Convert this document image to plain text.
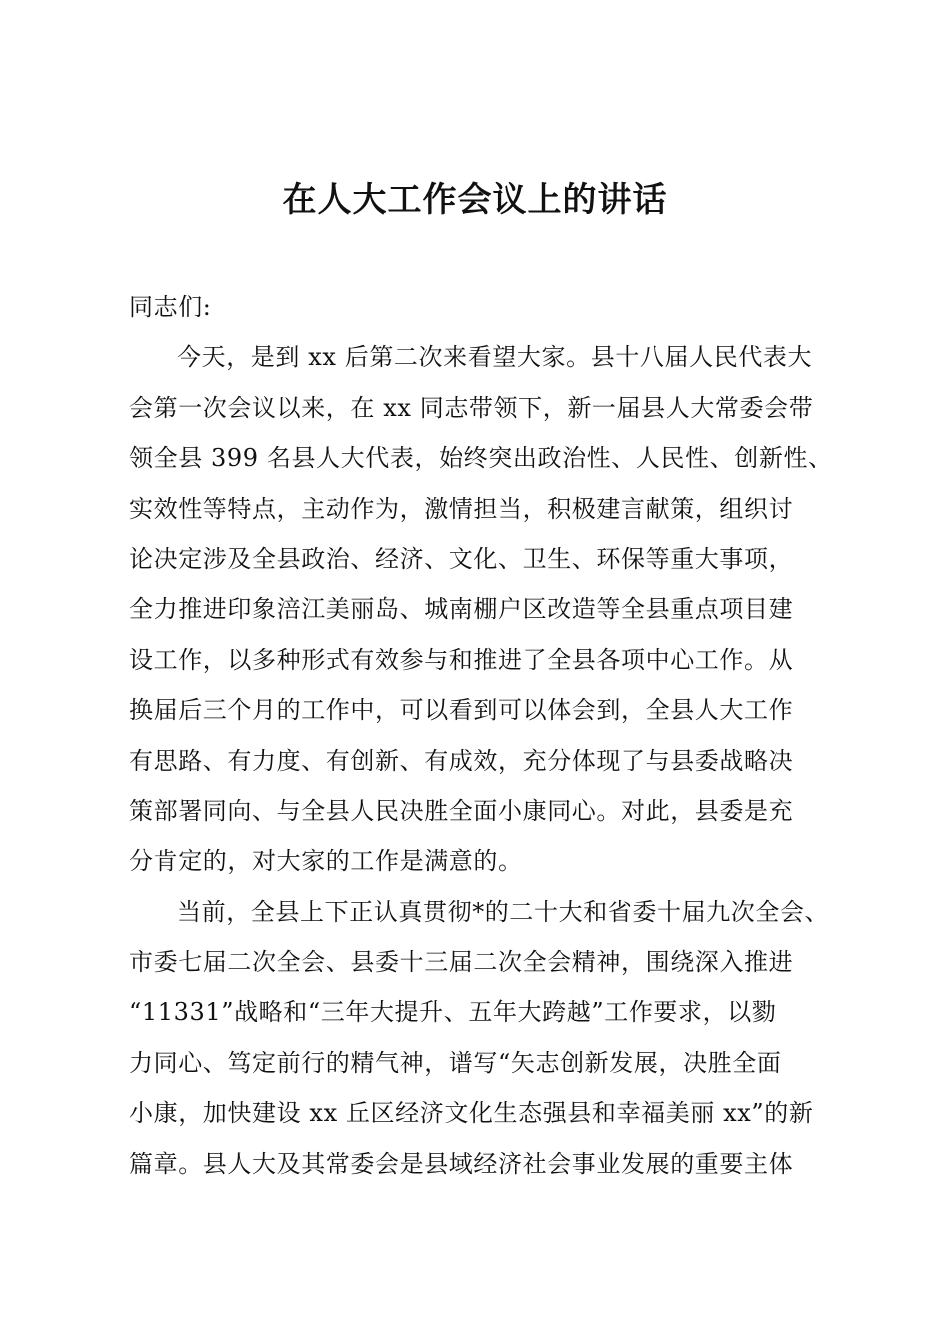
在人大工作会议上的讲话
同志们:
今天，是到 xx 后第二次来看望大家。县十八届人民代表大
会第一次会议以来，在 xx 同志带领下，新一届县人大常委会带
领全县 399 名县人大代表，始终突出政治性、人民性、创新性、
实效性等特点，主动作为，激情担当，积极建言献策，组织讨
论决定涉及全县政治、经济、文化、卫生、环保等重大事项，
全力推进印象涪江美丽岛、城南棚户区改造等全县重点项目建
设工作，以多种形式有效参与和推进了全县各项中心工作。从
换届后三个月的工作中，可以看到可以体会到，全县人大工作
有思路、有力度、有创新、有成效，充分体现了与县委战略决
策部署同向、与全县人民决胜全面小康同心。对此，县委是充
分肯定的，对大家的工作是满意的。
当前，全县上下正认真贯彻*的二十大和省委十届九次全会、
市委七届二次全会、县委十三届二次全会精神，围绕深入推进
“11331”战略和“三年大提升、五年大跨越”工作要求，以勠
力同心、笃定前行的精气神，谱写“矢志创新发展，决胜全面
小康，加快建设 xx 丘区经济文化生态强县和幸福美丽 xx”的新
篇章。县人大及其常委会是县域经济社会事业发展的重要主体
